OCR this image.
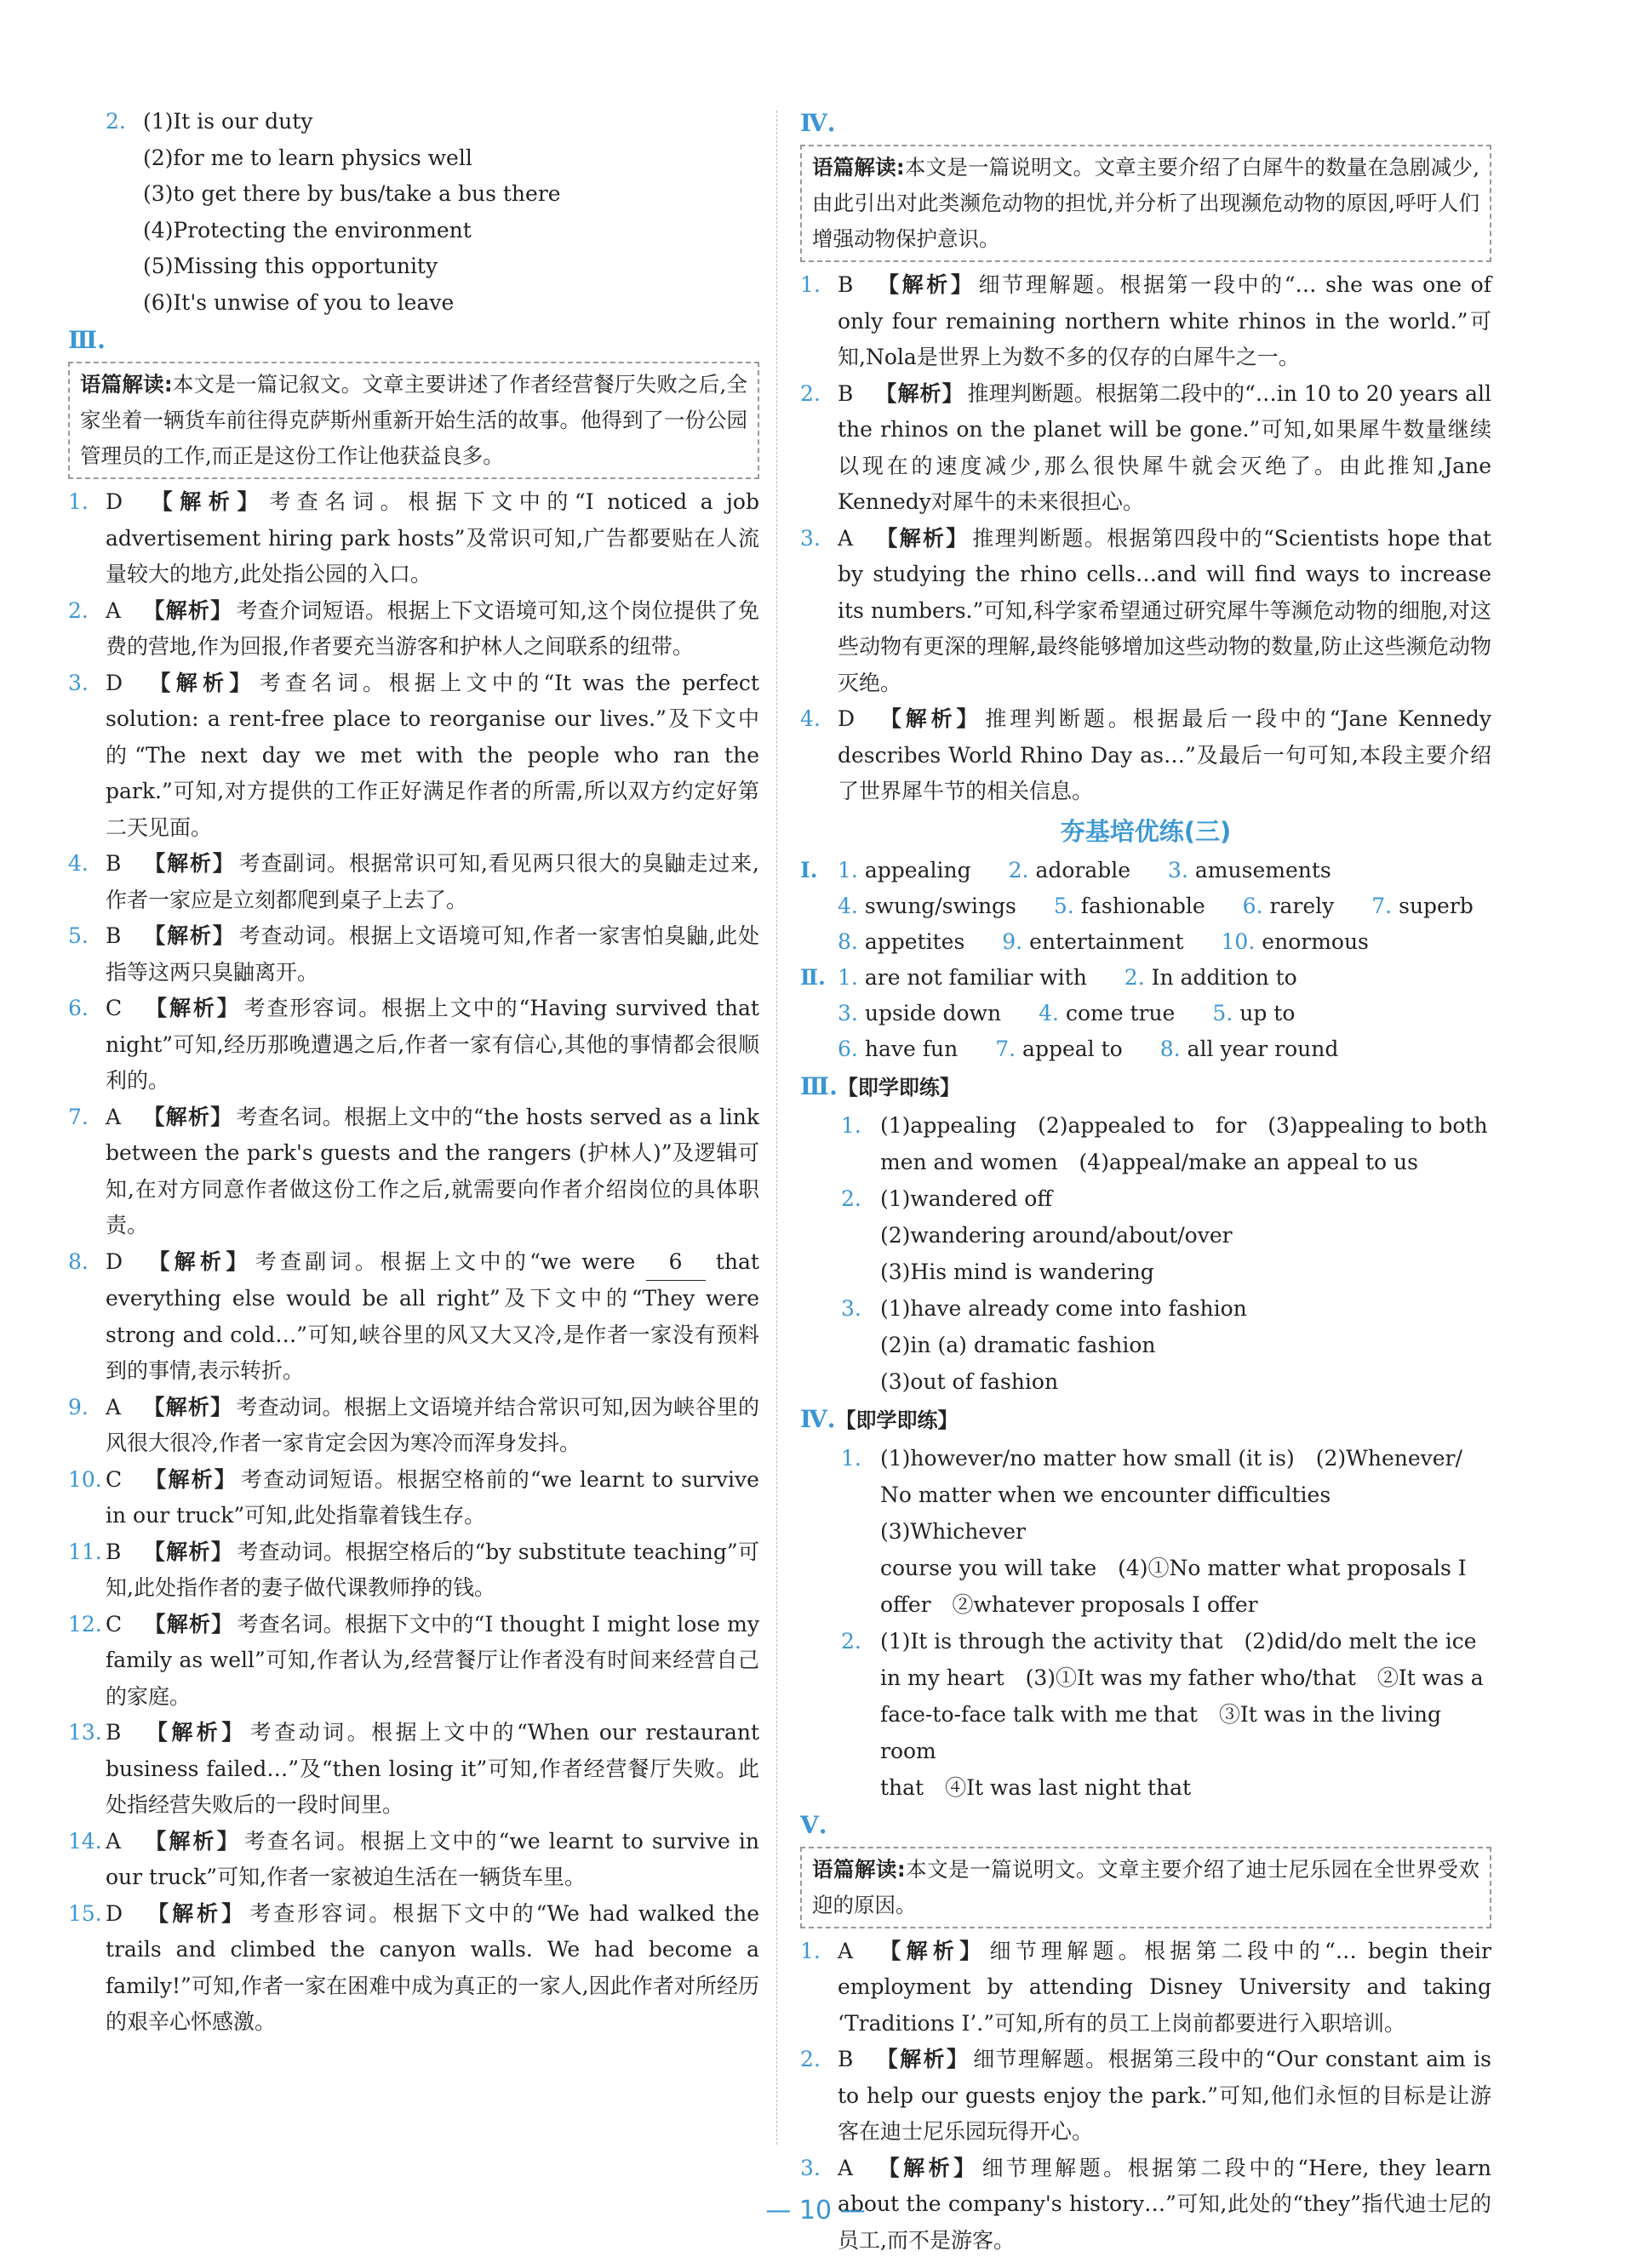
2. (1)It is our duty
(2)for me to learn physics well
(3)to get there by bus/take a bus there
(4)Protecting the environment
(5)Missing this opportunity
(6)It's unwise of you to leave
Ⅲ.
语篇解读:本文是一篇记叙文。文章主要讲述了作者经营餐厅失败之后,全家坐着一辆货车前往得克萨斯州重新开始生活的故事。他得到了一份公园管理员的工作,而正是这份工作让他获益良多。
1. D 【解析】 考查名词。根据下文中的“I noticed a job advertisement hiring park hosts”及常识可知,广告都要贴在人流量较大的地方,此处指公园的入口。
2. A 【解析】 考查介词短语。根据上下文语境可知,这个岗位提供了免费的营地,作为回报,作者要充当游客和护林人之间联系的纽带。
3. D 【解析】 考查名词。根据上文中的“It was the perfect solution: a rent-free place to reorganise our lives.”及下文中的“The next day we met with the people who ran the park.”可知,对方提供的工作正好满足作者的所需,所以双方约定好第二天见面。
4. B 【解析】 考查副词。根据常识可知,看见两只很大的臭鼬走过来,作者一家应是立刻都爬到桌子上去了。
5. B 【解析】 考查动词。根据上文语境可知,作者一家害怕臭鼬,此处指等这两只臭鼬离开。
6. C 【解析】 考查形容词。根据上文中的“Having survived that night”可知,经历那晚遭遇之后,作者一家有信心,其他的事情都会很顺利的。
7. A 【解析】 考查名词。根据上文中的“the hosts served as a link between the park's guests and the rangers (护林人)”及逻辑可知,在对方同意作者做这份工作之后,就需要向作者介绍岗位的具体职责。
8. D 【解析】 考查副词。根据上文中的“we were 6 that everything else would be all right”及下文中的“They were strong and cold…”可知,峡谷里的风又大又冷,是作者一家没有预料到的事情,表示转折。
9. A 【解析】 考查动词。根据上文语境并结合常识可知,因为峡谷里的风很大很冷,作者一家肯定会因为寒冷而浑身发抖。
10. C 【解析】 考查动词短语。根据空格前的“we learnt to survive in our truck”可知,此处指靠着钱生存。
11. B 【解析】 考查动词。根据空格后的“by substitute teaching”可知,此处指作者的妻子做代课教师挣的钱。
12. C 【解析】 考查名词。根据下文中的“I thought I might lose my family as well”可知,作者认为,经营餐厅让作者没有时间来经营自己的家庭。
13. B 【解析】 考查动词。根据上文中的“When our restaurant business failed…”及“then losing it”可知,作者经营餐厅失败。此处指经营失败后的一段时间里。
14. A 【解析】 考查名词。根据上文中的“we learnt to survive in our truck”可知,作者一家被迫生活在一辆货车里。
15. D 【解析】 考查形容词。根据下文中的“We had walked the trails and climbed the canyon walls. We had become a family!”可知,作者一家在困难中成为真正的一家人,因此作者对所经历的艰辛心怀感激。
Ⅳ.
语篇解读:本文是一篇说明文。文章主要介绍了白犀牛的数量在急剧减少,由此引出对此类濒危动物的担忧,并分析了出现濒危动物的原因,呼吁人们增强动物保护意识。
1. B 【解析】 细节理解题。根据第一段中的“… she was one of only four remaining northern white rhinos in the world.”可知,Nola是世界上为数不多的仅存的白犀牛之一。
2. B 【解析】 推理判断题。根据第二段中的“…in 10 to 20 years all the rhinos on the planet will be gone.”可知,如果犀牛数量继续以现在的速度减少,那么很快犀牛就会灭绝了。由此推知,Jane Kennedy对犀牛的未来很担心。
3. A 【解析】 推理判断题。根据第四段中的“Scientists hope that by studying the rhino cells…and will find ways to increase its numbers.”可知,科学家希望通过研究犀牛等濒危动物的细胞,对这些动物有更深的理解,最终能够增加这些动物的数量,防止这些濒危动物灭绝。
4. D 【解析】 推理判断题。根据最后一段中的“Jane Kennedy describes World Rhino Day as…”及最后一句可知,本段主要介绍了世界犀牛节的相关信息。
夯基培优练(三)
Ⅰ. 1. appealing 2. adorable 3. amusements
4. swung/swings 5. fashionable 6. rarely 7. superb
8. appetites 9. entertainment 10. enormous
Ⅱ. 1. are not familiar with 2. In addition to
3. upside down 4. come true 5. up to
6. have fun 7. appeal to 8. all year round
Ⅲ.【即学即练】
1. (1)appealing　(2)appealed to　for　(3)appealing to both
men and women　(4)appeal/make an appeal to us
2. (1)wandered off
(2)wandering around/about/over
(3)His mind is wandering
3. (1)have already come into fashion
(2)in (a) dramatic fashion
(3)out of fashion
Ⅳ.【即学即练】
1. (1)however/no matter how small (it is)　(2)Whenever/
No matter when we encounter difficulties　(3)Whichever
course you will take　(4)①No matter what proposals I
offer　②whatever proposals I offer
2. (1)It is through the activity that　(2)did/do melt the ice
in my heart　(3)①It was my father who/that　②It was a
face-to-face talk with me that　③It was in the living room
that　④It was last night that
Ⅴ.
语篇解读:本文是一篇说明文。文章主要介绍了迪士尼乐园在全世界受欢迎的原因。
1. A 【解析】 细节理解题。根据第二段中的“… begin their employment by attending Disney University and taking ‘Traditions Ⅰ’.”可知,所有的员工上岗前都要进行入职培训。
2. B 【解析】 细节理解题。根据第三段中的“Our constant aim is to help our guests enjoy the park.”可知,他们永恒的目标是让游客在迪士尼乐园玩得开心。
3. A 【解析】 细节理解题。根据第二段中的“Here, they learn about the company's history…”可知,此处的“they”指代迪士尼的员工,而不是游客。
— 10 —
